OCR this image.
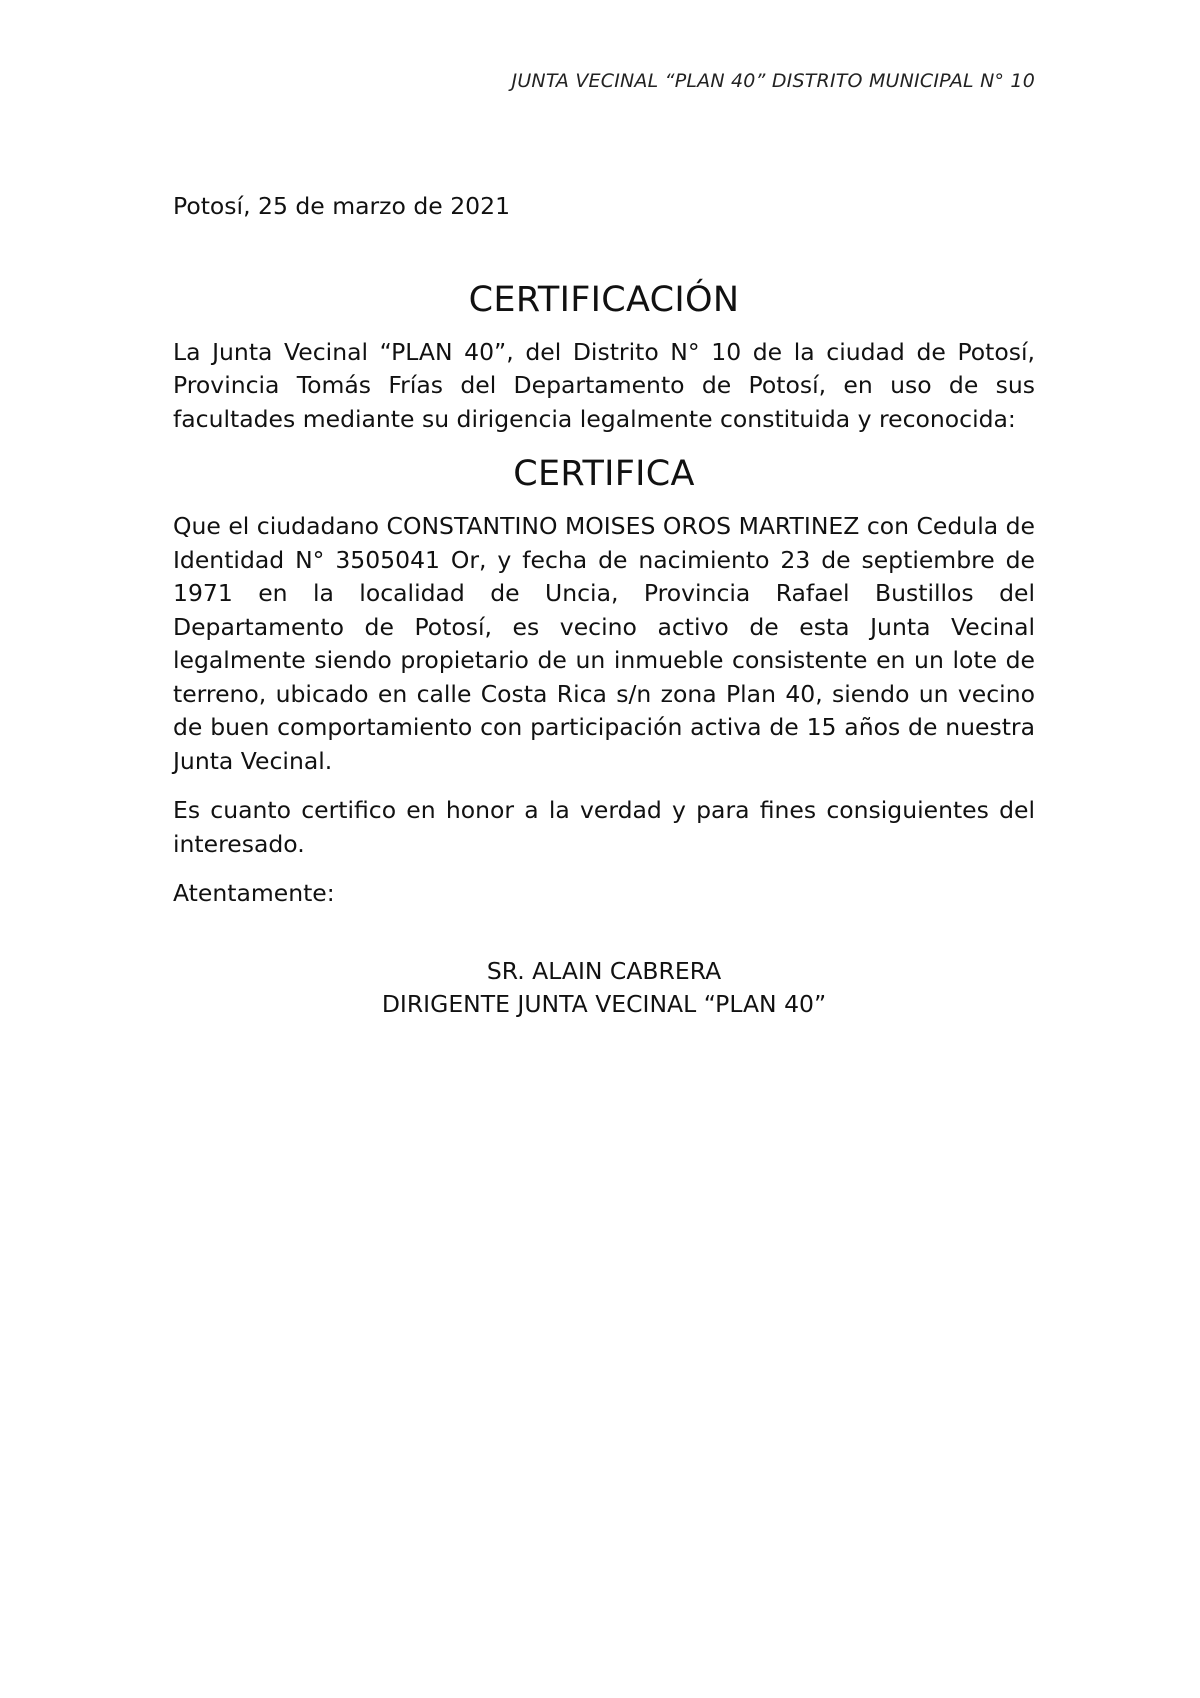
JUNTA VECINAL “PLAN 40” DISTRITO MUNICIPAL N° 10

Potosí, 25 de marzo de 2021

CERTIFICACIÓN

La Junta Vecinal “PLAN 40”, del Distrito N° 10 de la ciudad de Potosí, Provincia Tomás Frías del Departamento de Potosí, en uso de sus facultades mediante su dirigencia legalmente constituida y reconocida:

CERTIFICA

Que el ciudadano CONSTANTINO MOISES OROS MARTINEZ con Cedula de Identidad N° 3505041 Or, y fecha de nacimiento 23 de septiembre de 1971 en la localidad de Uncia, Provincia Rafael Bustillos del Departamento de Potosí, es vecino activo de esta Junta Vecinal legalmente siendo propietario de un inmueble consistente en un lote de terreno, ubicado en calle Costa Rica s/n zona Plan 40, siendo un vecino de buen comportamiento con participación activa de 15 años de nuestra Junta Vecinal.

Es cuanto certifico en honor a la verdad y para fines consiguientes del interesado.

Atentamente:

SR. ALAIN CABRERA
DIRIGENTE JUNTA VECINAL “PLAN 40”
